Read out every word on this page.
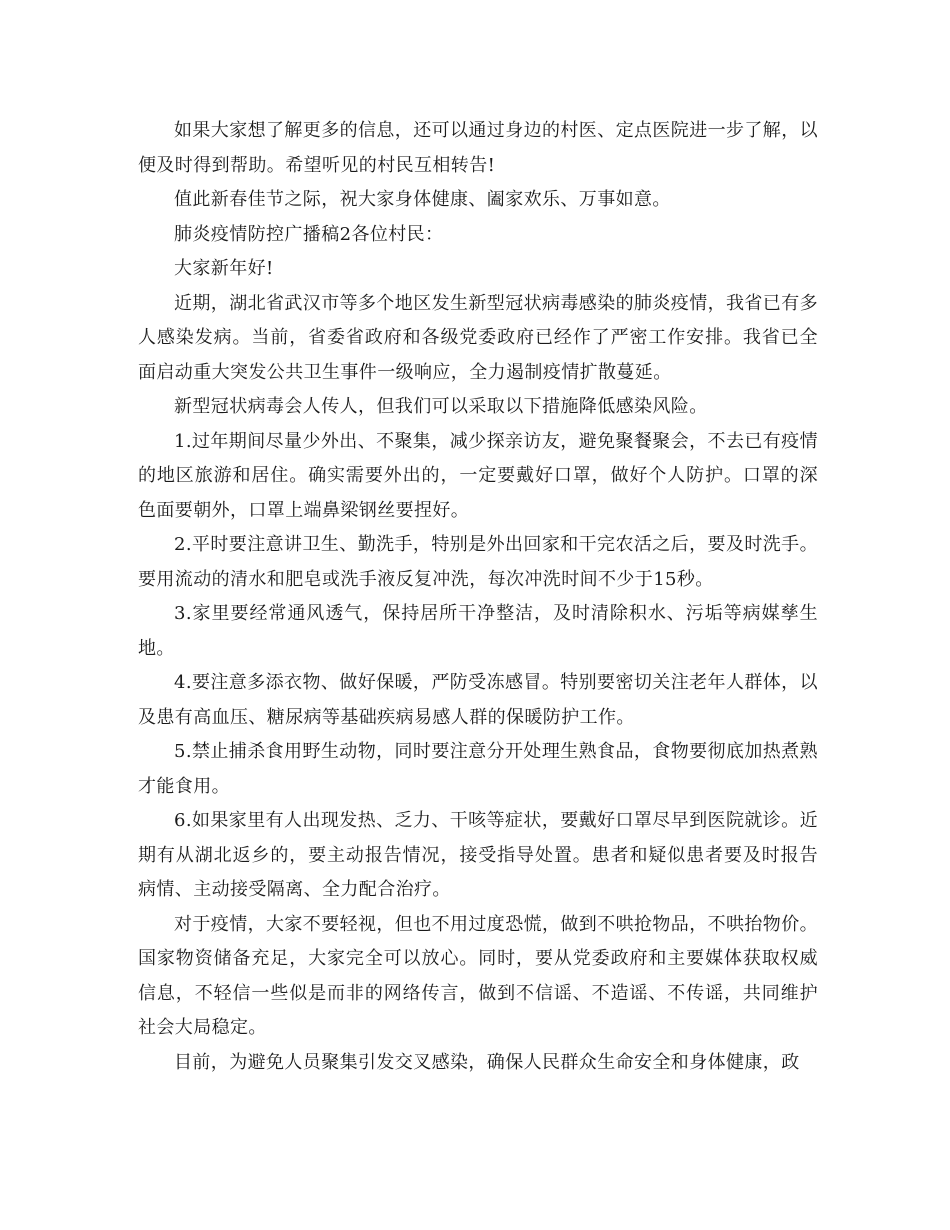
如果大家想了解更多的信息，还可以通过身边的村医、定点医院进一步了解，以便及时得到帮助。希望听见的村民互相转告!

值此新春佳节之际，祝大家身体健康、阖家欢乐、万事如意。

肺炎疫情防控广播稿2各位村民：

大家新年好!

近期，湖北省武汉市等多个地区发生新型冠状病毒感染的肺炎疫情，我省已有多人感染发病。当前，省委省政府和各级党委政府已经作了严密工作安排。我省已全面启动重大突发公共卫生事件一级响应，全力遏制疫情扩散蔓延。

新型冠状病毒会人传人，但我们可以采取以下措施降低感染风险。

1.过年期间尽量少外出、不聚集，减少探亲访友，避免聚餐聚会，不去已有疫情的地区旅游和居住。确实需要外出的，一定要戴好口罩，做好个人防护。口罩的深色面要朝外，口罩上端鼻梁钢丝要捏好。

2.平时要注意讲卫生、勤洗手，特别是外出回家和干完农活之后，要及时洗手。要用流动的清水和肥皂或洗手液反复冲洗，每次冲洗时间不少于15秒。

3.家里要经常通风透气，保持居所干净整洁，及时清除积水、污垢等病媒孳生地。

4.要注意多添衣物、做好保暖，严防受冻感冒。特别要密切关注老年人群体，以及患有高血压、糖尿病等基础疾病易感人群的保暖防护工作。

5.禁止捕杀食用野生动物，同时要注意分开处理生熟食品，食物要彻底加热煮熟才能食用。

6.如果家里有人出现发热、乏力、干咳等症状，要戴好口罩尽早到医院就诊。近期有从湖北返乡的，要主动报告情况，接受指导处置。患者和疑似患者要及时报告病情、主动接受隔离、全力配合治疗。

对于疫情，大家不要轻视，但也不用过度恐慌，做到不哄抢物品，不哄抬物价。国家物资储备充足，大家完全可以放心。同时，要从党委政府和主要媒体获取权威信息，不轻信一些似是而非的网络传言，做到不信谣、不造谣、不传谣，共同维护社会大局稳定。

目前，为避免人员聚集引发交叉感染，确保人民群众生命安全和身体健康，政
